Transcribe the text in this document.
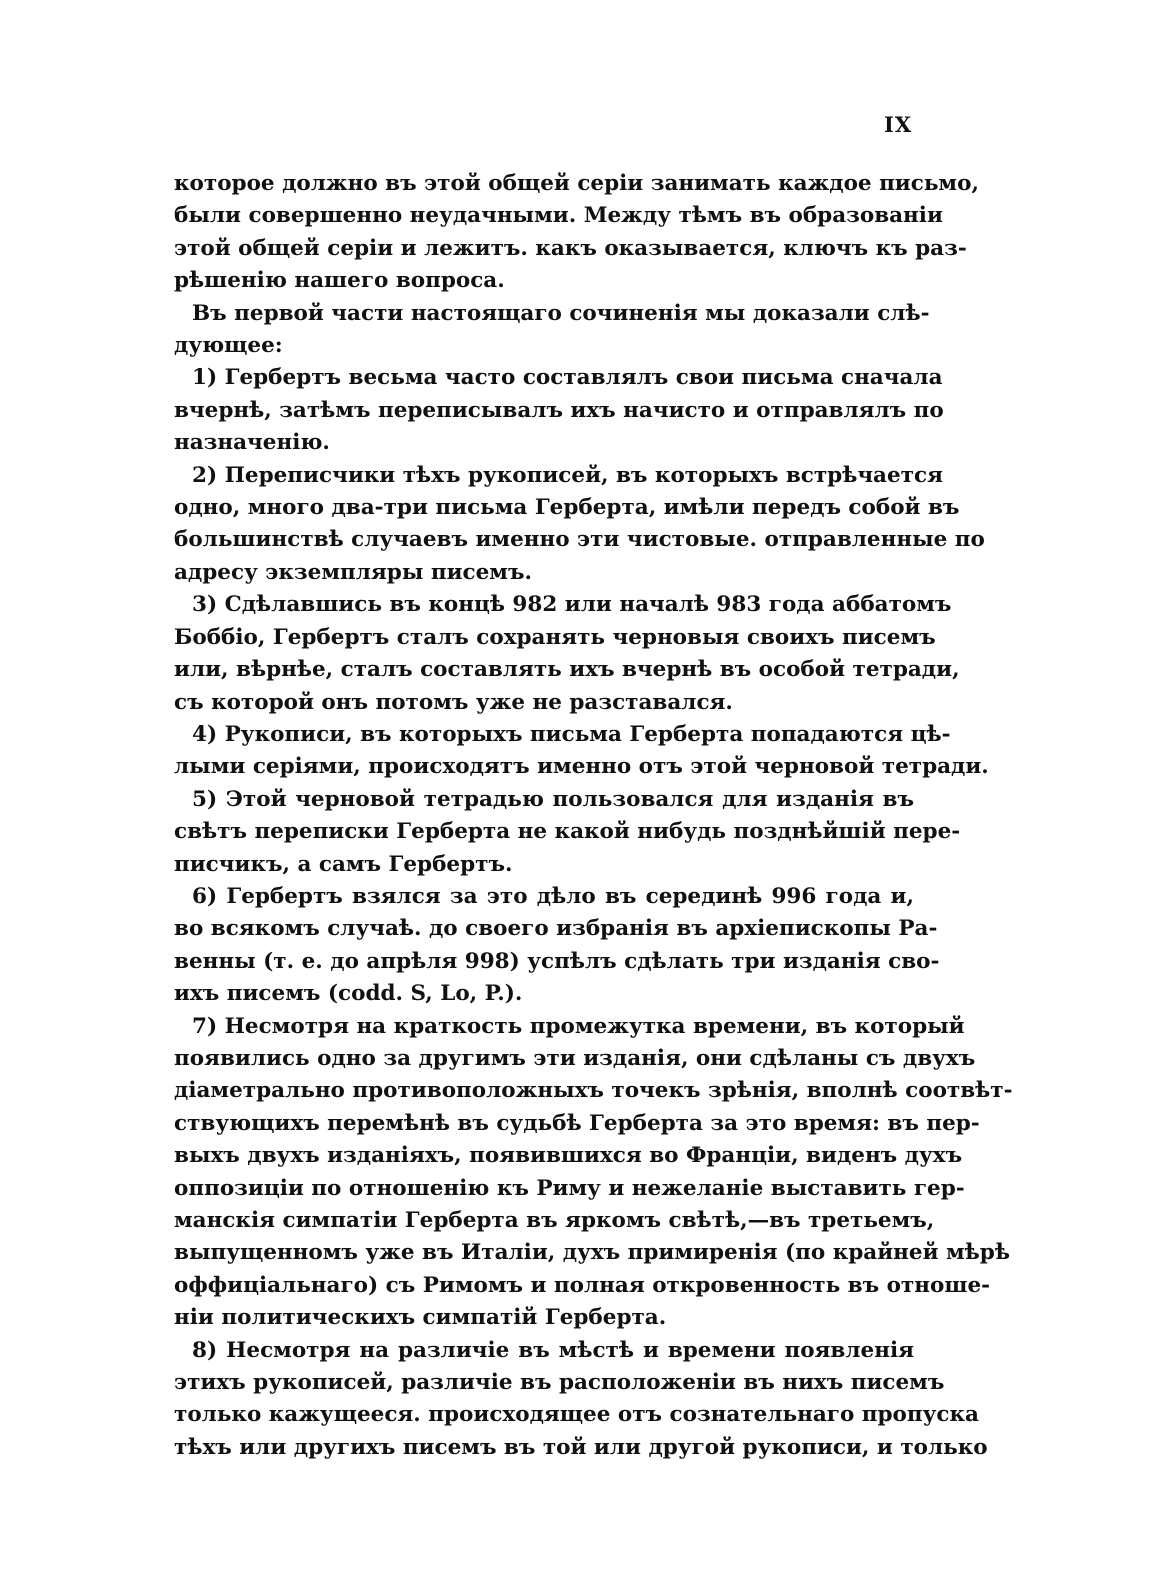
IX
которое должно въ этой общей серіи занимать каждое письмо,
были совершенно неудачными. Между тѣмъ въ образованіи
этой общей серіи и лежитъ. какъ оказывается, ключъ къ раз-
рѣшенію нашего вопроса.
Въ первой части настоящаго сочиненія мы доказали слѣ-
дующее:
1) Гербертъ весьма часто составлялъ свои письма сначала
вчернѣ, затѣмъ переписывалъ ихъ начисто и отправлялъ по
назначенію.
2) Переписчики тѣхъ рукописей, въ которыхъ встрѣчается
одно, много два-три письма Герберта, имѣли передъ собой въ
большинствѣ случаевъ именно эти чистовые. отправленные по
адресу экземпляры писемъ.
3) Сдѣлавшись въ концѣ 982 или началѣ 983 года аббатомъ
Боббіо, Гербертъ сталъ сохранять черновыя своихъ писемъ
или, вѣрнѣе, сталъ составлять ихъ вчернѣ въ особой тетради,
съ которой онъ потомъ уже не разставался.
4) Рукописи, въ которыхъ письма Герберта попадаются цѣ-
лыми серіями, происходятъ именно отъ этой черновой тетради.
5) Этой черновой тетрадью пользовался для изданія въ
свѣтъ переписки Герберта не какой нибудь позднѣйшій пере-
писчикъ, а самъ Гербертъ.
6) Гербертъ взялся за это дѣло въ серединѣ 996 года и,
во всякомъ случаѣ. до своего избранія въ архіепископы Ра-
венны (т. е. до апрѣля 998) успѣлъ сдѣлать три изданія сво-
ихъ писемъ (codd. S, Lo, P.).
7) Несмотря на краткость промежутка времени, въ который
появились одно за другимъ эти изданія, они сдѣланы съ двухъ
діаметрально противоположныхъ точекъ зрѣнія, вполнѣ соотвѣт-
ствующихъ перемѣнѣ въ судьбѣ Герберта за это время: въ пер-
выхъ двухъ изданіяхъ, появившихся во Франціи, виденъ духъ
оппозиціи по отношенію къ Риму и нежеланіе выставить гер-
манскія симпатіи Герберта въ яркомъ свѣтѣ,—въ третьемъ,
выпущенномъ уже въ Италіи, духъ примиренія (по крайней мѣрѣ
оффиціальнаго) съ Римомъ и полная откровенность въ отноше-
ніи политическихъ симпатій Герберта.
8) Несмотря на различіе въ мѣстѣ и времени появленія
этихъ рукописей, различіе въ расположеніи въ нихъ писемъ
только кажущееся. происходящее отъ сознательнаго пропуска
тѣхъ или другихъ писемъ въ той или другой рукописи, и только
